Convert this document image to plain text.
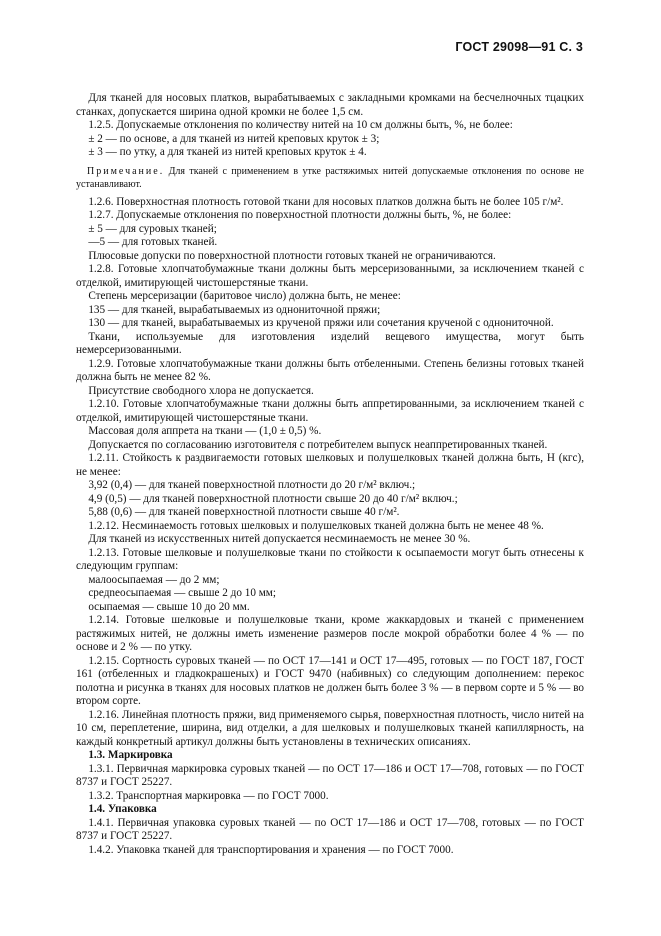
ГОСТ 29098—91 С. 3

Для тканей для носовых платков, вырабатываемых с закладными кромками на бесчелночных тцацких станках, допускается ширина одной кромки не более 1,5 см.

1.2.5. Допускаемые отклонения по количеству нитей на 10 см должны быть, %, не более:

± 2 — по основе, а для тканей из нитей креповых круток ± 3;

± 3 — по утку, а для тканей из нитей креповых круток ± 4.

Примечание. Для тканей с применением в утке растяжимых нитей допускаемые отклонения по основе не устанавливают.

1.2.6. Поверхностная плотность готовой ткани для носовых платков должна быть не более 105 г/м².

1.2.7. Допускаемые отклонения по поверхностной плотности должны быть, %, не более:

± 5 — для суровых тканей;

—5 — для готовых тканей.

Плюсовые допуски по поверхностной плотности готовых тканей не ограничиваются.

1.2.8. Готовые хлопчатобумажные ткани должны быть мерсеризованными, за исключением тканей с отделкой, имитирующей чистошерстяные ткани.

Степень мерсеризации (баритовое число) должна быть, не менее:

135 — для тканей, вырабатываемых из однониточной пряжи;

130 — для тканей, вырабатываемых из крученой пряжи или сочетания крученой с однониточной.

Ткани, используемые для изготовления изделий вещевого имущества, могут быть немерсеризованными.

1.2.9. Готовые хлопчатобумажные ткани должны быть отбеленными. Степень белизны готовых тканей должна быть не менее 82 %.

Присутствие свободного хлора не допускается.

1.2.10. Готовые хлопчатобумажные ткани должны быть аппретированными, за исключением тканей с отделкой, имитирующей чистошерстяные ткани.

Массовая доля аппрета на ткани — (1,0 ± 0,5) %.

Допускается по согласованию изготовителя с потребителем выпуск неаппретированных тканей.

1.2.11. Стойкость к раздвигаемости готовых шелковых и полушелковых тканей должна быть, Н (кгс), не менее:

3,92 (0,4) — для тканей поверхностной плотности до 20 г/м² включ.;

4,9 (0,5) — для тканей поверхностной плотности свыше 20 до 40 г/м² включ.;

5,88 (0,6) — для тканей поверхностной плотности свыше 40 г/м².

1.2.12. Несминаемость готовых шелковых и полушелковых тканей должна быть не менее 48 %.

Для тканей из искусственных нитей допускается несминаемость не менее 30 %.

1.2.13. Готовые шелковые и полушелковые ткани по стойкости к осыпаемости могут быть отнесены к следующим группам:

малоосыпаемая — до 2 мм;

средneосыпаемая — свыше 2 до 10 мм;

осыпаемая — свыше 10 до 20 мм.

1.2.14. Готовые шелковые и полушелковые ткани, кроме жаккардовых и тканей с применением растяжимых нитей, не должны иметь изменение размеров после мокрой обработки более 4 % — по основе и 2 % — по утку.

1.2.15. Сортность суровых тканей — по ОСТ 17—141 и ОСТ 17—495, готовых — по ГОСТ 187, ГОСТ 161 (отбеленных и гладкокрашеных) и ГОСТ 9470 (набивных) со следующим дополнением: перекос полотна и рисунка в тканях для носовых платков не должен быть более 3 % — в первом сорте и 5 % — во втором сорте.

1.2.16. Линейная плотность пряжи, вид применяемого сырья, поверхностная плотность, число нитей на 10 см, переплетение, ширина, вид отделки, а для шелковых и полушелковых тканей капиллярность, на каждый конкретный артикул должны быть установлены в технических описаниях.

1.3. Маркировка

1.3.1. Первичная маркировка суровых тканей — по ОСТ 17—186 и ОСТ 17—708, готовых — по ГОСТ 8737 и ГОСТ 25227.

1.3.2. Транспортная маркировка — по ГОСТ 7000.

1.4. Упаковка

1.4.1. Первичная упаковка суровых тканей — по ОСТ 17—186 и ОСТ 17—708, готовых — по ГОСТ 8737 и ГОСТ 25227.

1.4.2. Упаковка тканей для транспортирования и хранения — по ГОСТ 7000.
